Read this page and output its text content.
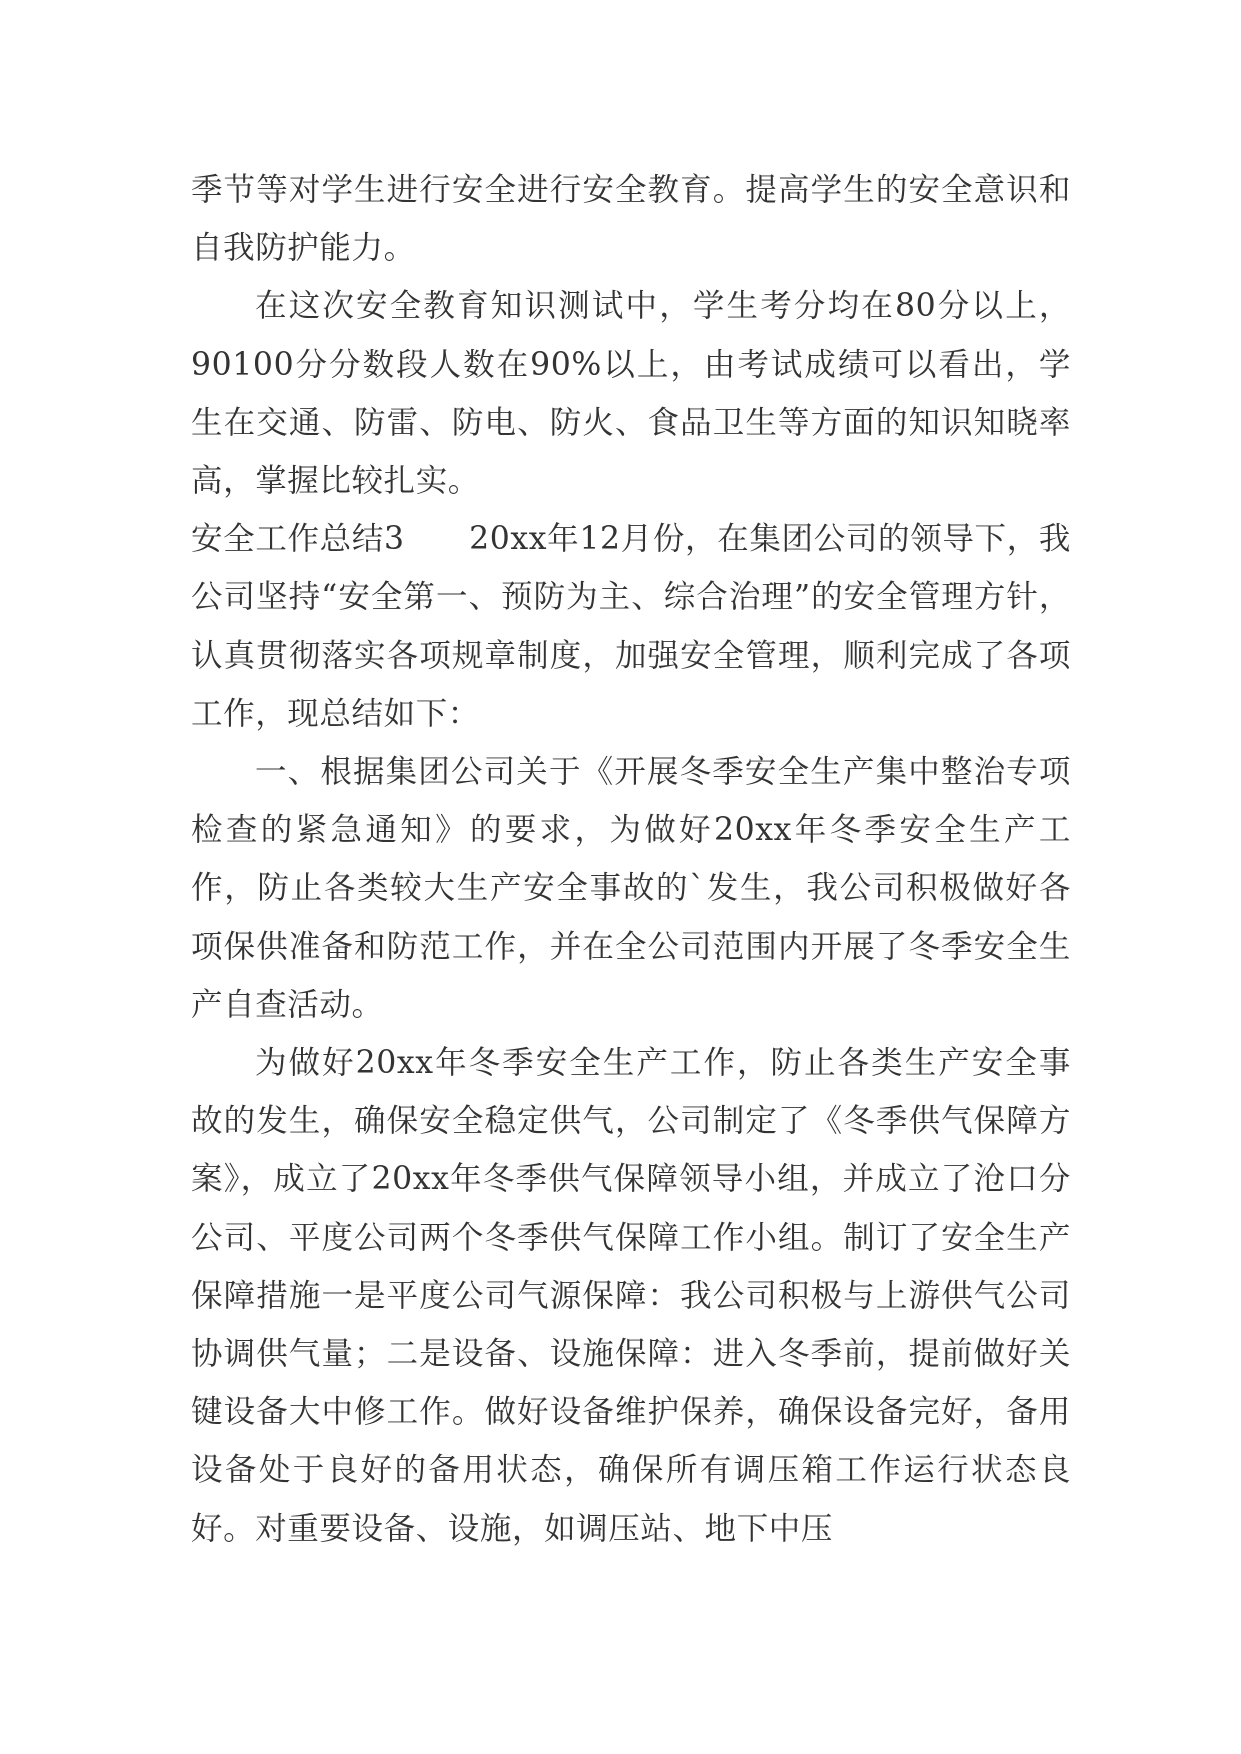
季节等对学生进行安全进行安全教育。提高学生的安全意识和自我防护能力。

在这次安全教育知识测试中，学生考分均在80分以上，90100分分数段人数在90%以上，由考试成绩可以看出，学生在交通、防雷、防电、防火、食品卫生等方面的知识知晓率高，掌握比较扎实。

安全工作总结3　　20xx年12月份，在集团公司的领导下，我公司坚持“安全第一、预防为主、综合治理”的安全管理方针，认真贯彻落实各项规章制度，加强安全管理，顺利完成了各项工作，现总结如下：

一、根据集团公司关于《开展冬季安全生产集中整治专项检查的紧急通知》的要求，为做好20xx年冬季安全生产工作，防止各类较大生产安全事故的`发生，我公司积极做好各项保供准备和防范工作，并在全公司范围内开展了冬季安全生产自查活动。

为做好20xx年冬季安全生产工作，防止各类生产安全事故的发生，确保安全稳定供气，公司制定了《冬季供气保障方案》，成立了20xx年冬季供气保障领导小组，并成立了沧口分公司、平度公司两个冬季供气保障工作小组。制订了安全生产保障措施一是平度公司气源保障：我公司积极与上游供气公司协调供气量；二是设备、设施保障：进入冬季前，提前做好关键设备大中修工作。做好设备维护保养，确保设备完好，备用设备处于良好的备用状态，确保所有调压箱工作运行状态良好。对重要设备、设施，如调压站、地下中压
